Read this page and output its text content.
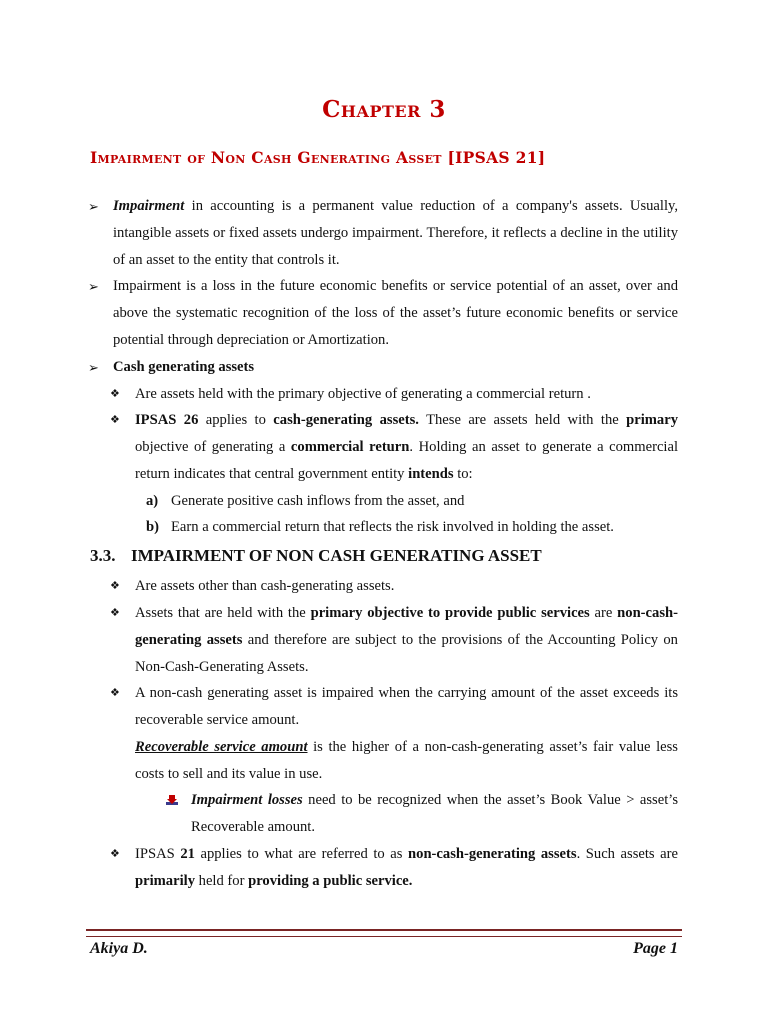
Chapter 3
Impairment of Non Cash Generating Asset [IPSAS 21]
➢ Impairment in accounting is a permanent value reduction of a company's assets. Usually, intangible assets or fixed assets undergo impairment. Therefore, it reflects a decline in the utility of an asset to the entity that controls it.
➢ Impairment is a loss in the future economic benefits or service potential of an asset, over and above the systematic recognition of the loss of the asset’s future economic benefits or service potential through depreciation or Amortization.
➢ Cash generating assets
❖ Are assets held with the primary objective of generating a commercial return .
❖ IPSAS 26 applies to cash-generating assets. These are assets held with the primary objective of generating a commercial return. Holding an asset to generate a commercial return indicates that central government entity intends to:
a) Generate positive cash inflows from the asset, and
b) Earn a commercial return that reflects the risk involved in holding the asset.
3.3. IMPAIRMENT OF NON CASH GENERATING ASSET
❖ Are assets other than cash-generating assets.
❖ Assets that are held with the primary objective to provide public services are non-cash-generating assets and therefore are subject to the provisions of the Accounting Policy on Non-Cash-Generating Assets.
❖ A non-cash generating asset is impaired when the carrying amount of the asset exceeds its recoverable service amount.
Recoverable service amount is the higher of a non-cash-generating asset’s fair value less costs to sell and its value in use.
Impairment losses need to be recognized when the asset’s Book Value > asset’s Recoverable amount.
❖ IPSAS 21 applies to what are referred to as non-cash-generating assets. Such assets are primarily held for providing a public service.
Akiya D.	Page 1
